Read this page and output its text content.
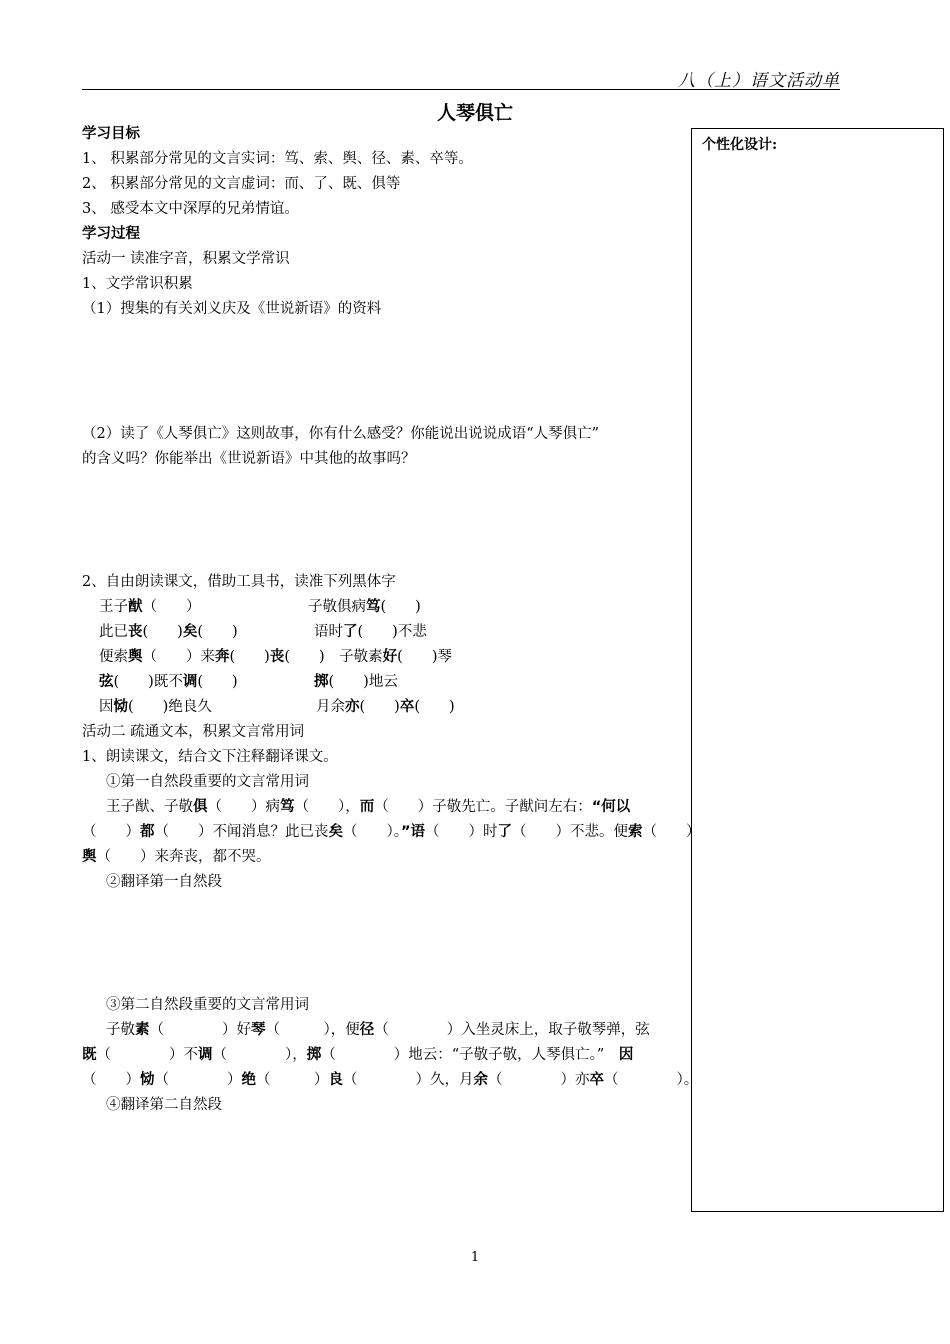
八（上）语文活动单
人琴俱亡
个性化设计:
学习目标
1、 积累部分常见的文言实词：笃、索、舆、径、素、卒等。
2、 积累部分常见的文言虚词：而、了、既、俱等
3、 感受本文中深厚的兄弟情谊。
学习过程
活动一 读准字音，积累文学常识
1、文学常识积累
（1）搜集的有关刘义庆及《世说新语》的资料
（2）读了《人琴俱亡》这则故事，你有什么感受？你能说出说说成语“人琴俱亡”
的含义吗？你能举出《世说新语》中其他的故事吗？
2、自由朗读课文，借助工具书，读准下列黑体字
王子猷（　　）	子敬俱病笃(　　)
此已丧(　　)矣(　　)	语时了(　　)不悲
便索舆（　　）来奔(　　)丧(　　)　子敬素好(　　)琴
弦(　　)既不调(　　)	掷(　　)地云
因恸(　　)绝良久	月余亦(　　)卒(　　)
活动二 疏通文本，积累文言常用词
1、朗读课文，结合文下注释翻译课文。
①第一自然段重要的文言常用词
王子猷、子敬俱（　　）病笃（　　），而（　　）子敬先亡。子猷问左右：“何以
（　　）都（　　）不闻消息？此已丧矣（　　）。”语（　　）时了（　　）不悲。便索（　　）
舆（　　）来奔丧，都不哭。
②翻译第一自然段
③第二自然段重要的文言常用词
子敬素（　　　　）好琴（　　　），便径（　　　　）入坐灵床上，取子敬琴弹，弦
既（　　　　）不调（　　　　），掷（　　　　）地云：“子敬子敬，人琴俱亡。”　因
（　　）恸（　　　　）绝（　　　）良（　　　　）久，月余（　　　　）亦卒（　　　　）。
④翻译第二自然段
1
